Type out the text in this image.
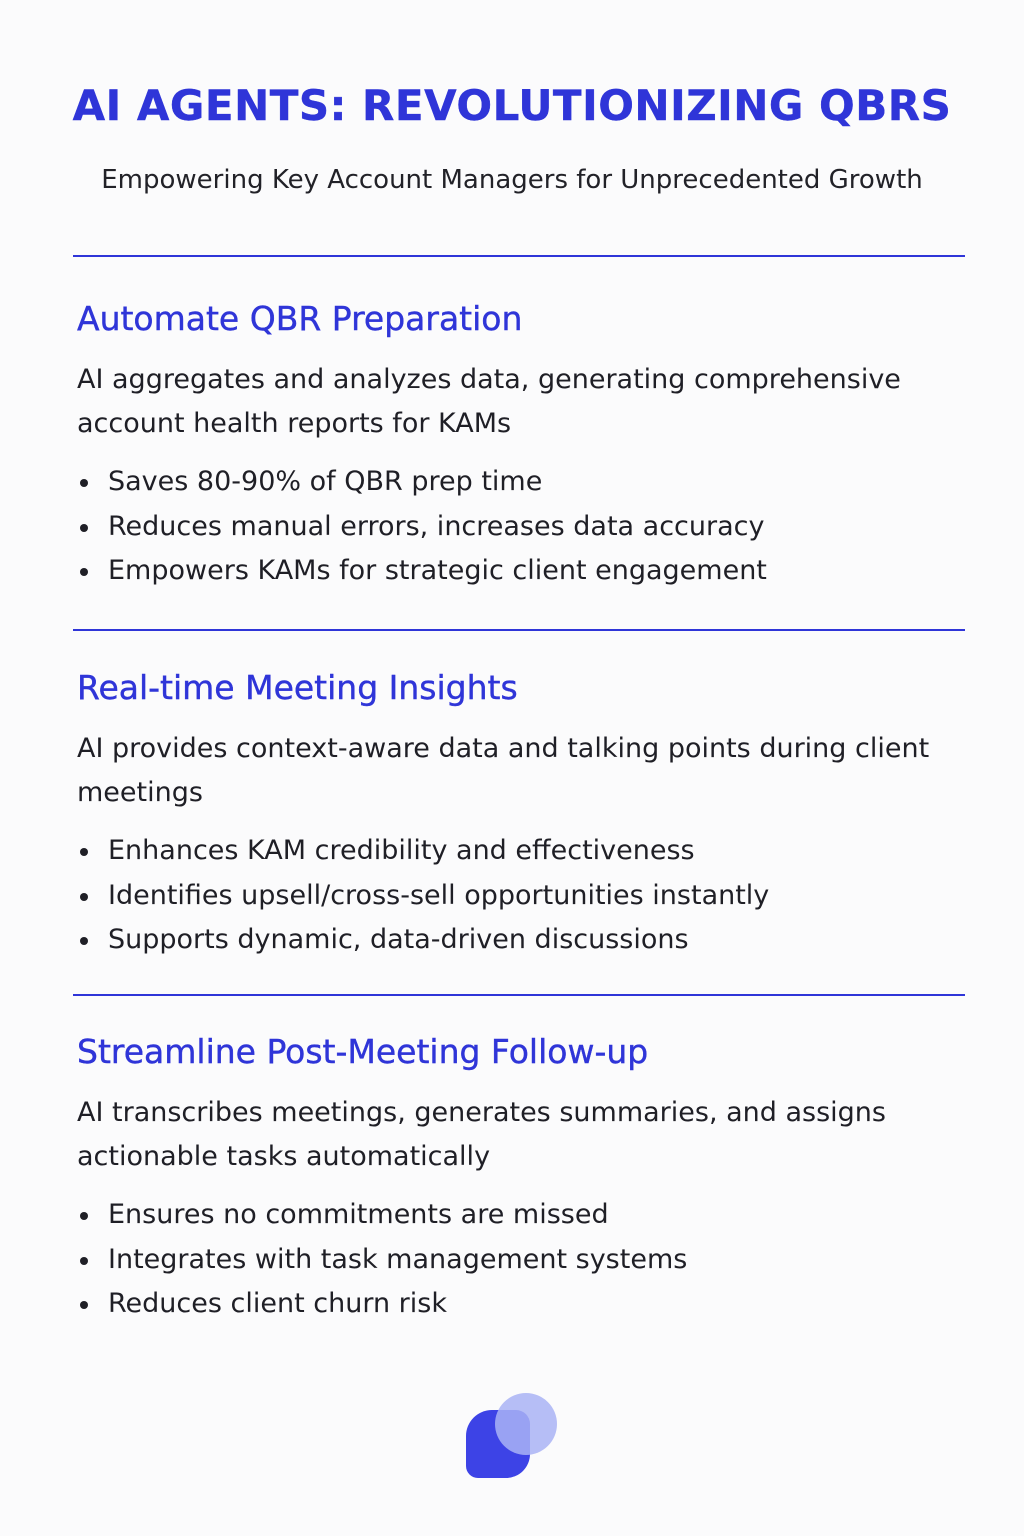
AI AGENTS: REVOLUTIONIZING QBRS
Empowering Key Account Managers for Unprecedented Growth
Automate QBR Preparation

AI aggregates and analyzes data, generating comprehensive account health reports for KAMs

Saves 80-90% of QBR prep time
Reduces manual errors, increases data accuracy
Empowers KAMs for strategic client engagement
Real-time Meeting Insights

AI provides context-aware data and talking points during client meetings

Enhances KAM credibility and effectiveness
Identifies upsell/cross-sell opportunities instantly
Supports dynamic, data-driven discussions
Streamline Post-Meeting Follow-up

AI transcribes meetings, generates summaries, and assigns actionable tasks automatically

Ensures no commitments are missed
Integrates with task management systems
Reduces client churn risk
